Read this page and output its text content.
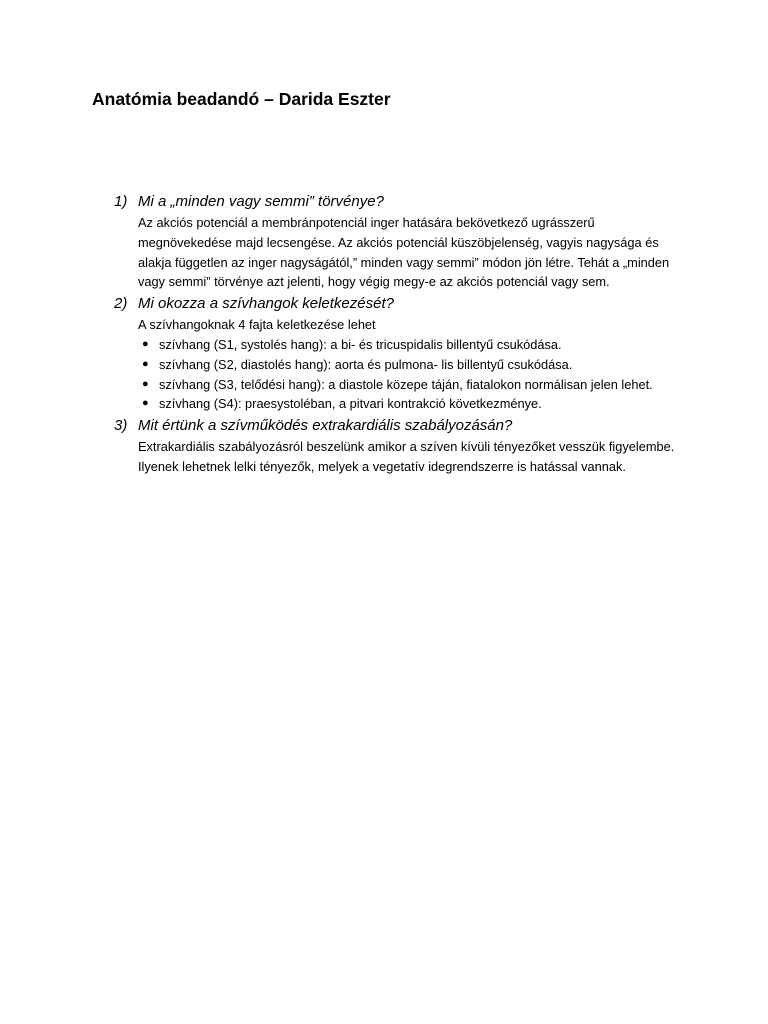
Anatómia beadandó – Darida Eszter
1) Mi a „minden vagy semmi” törvénye?

Az akciós potenciál a membránpotenciál inger hatására bekövetkező ugrásszerű megnövekedése majd lecsengése. Az akciós potenciál küszöbjelenség, vagyis nagysága és alakja független az inger nagyságától,” minden vagy semmi” módon jön létre. Tehát a „minden vagy semmi” törvénye azt jelenti, hogy végig megy-e az akciós potenciál vagy sem.

2) Mi okozza a szívhangok keletkezését?

A szívhangoknak 4 fajta keletkezése lehet

● szívhang (S1, systolés hang): a bi- és tricuspidalis billentyű csukódása.
● szívhang (S2, diastolés hang): aorta és pulmona- lis billentyű csukódása.
● szívhang (S3, telődési hang): a diastole közepe táján, fiatalokon normálisan jelen lehet.
● szívhang (S4): praesystoléban, a pitvari kontrakció következménye.
3) Mit értünk a szívműködés extrakardiális szabályozásán?

Extrakardiális szabályozásról beszelünk amikor a szíven kívüli tényezőket vesszük figyelembe. Ilyenek lehetnek lelki tényezők, melyek a vegetatív idegrendszerre is hatással vannak.
